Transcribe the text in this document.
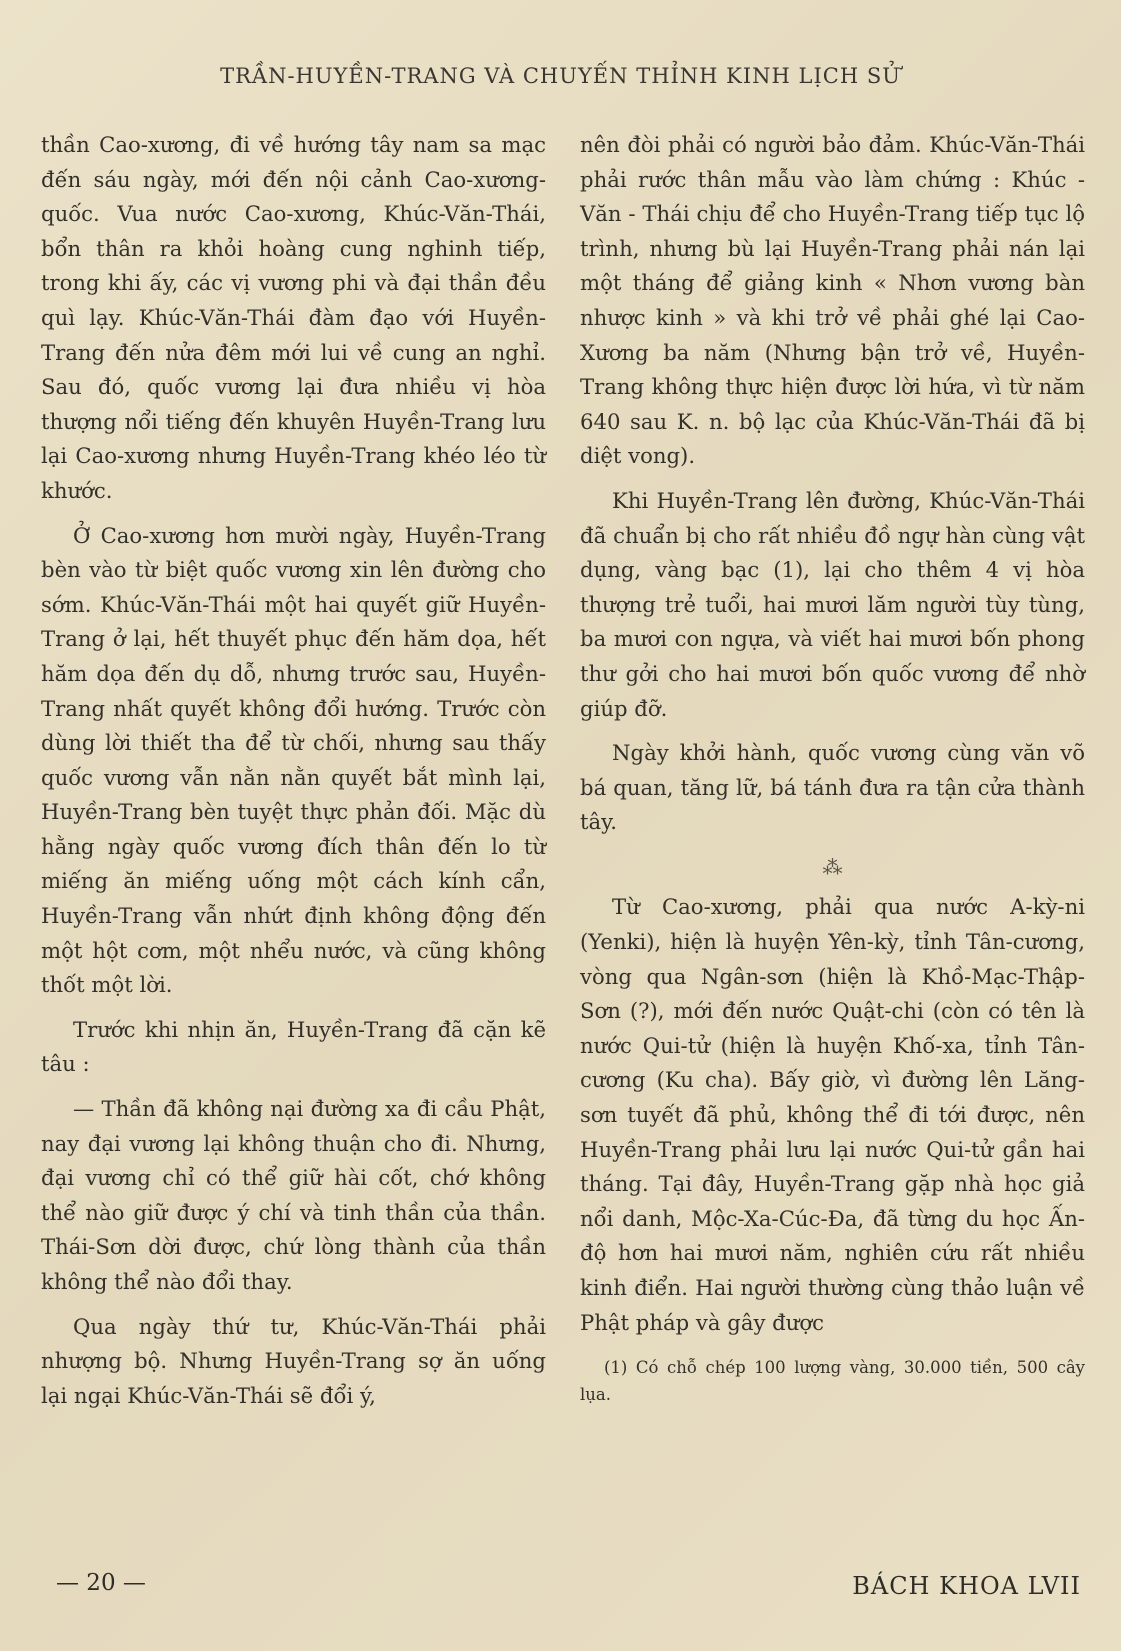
TRẦN-HUYỀN-TRANG VÀ CHUYẾN THỈNH KINH LỊCH SỬ

thần Cao-xương, đi về hướng tây nam sa mạc đến sáu ngày, mới đến nội cảnh Cao-xương-quốc. Vua nước Cao-xương, Khúc-Văn-Thái, bổn thân ra khỏi hoàng cung nghinh tiếp, trong khi ấy, các vị vương phi và đại thần đều quì lạy. Khúc-Văn-Thái đàm đạo với Huyền-Trang đến nửa đêm mới lui về cung an nghỉ. Sau đó, quốc vương lại đưa nhiều vị hòa thượng nổi tiếng đến khuyên Huyền-Trang lưu lại Cao-xương nhưng Huyền-Trang khéo léo từ khước.

Ở Cao-xương hơn mười ngày, Huyền-Trang bèn vào từ biệt quốc vương xin lên đường cho sớm. Khúc-Văn-Thái một hai quyết giữ Huyền-Trang ở lại, hết thuyết phục đến hăm dọa, hết hăm dọa đến dụ dỗ, nhưng trước sau, Huyền-Trang nhất quyết không đổi hướng. Trước còn dùng lời thiết tha để từ chối, nhưng sau thấy quốc vương vẫn nằn nằn quyết bắt mình lại, Huyền-Trang bèn tuyệt thực phản đối. Mặc dù hằng ngày quốc vương đích thân đến lo từ miếng ăn miếng uống một cách kính cẩn, Huyền-Trang vẫn nhứt định không động đến một hột cơm, một nhểu nước, và cũng không thốt một lời.

Trước khi nhịn ăn, Huyền-Trang đã cặn kẽ tâu :

— Thần đã không nại đường xa đi cầu Phật, nay đại vương lại không thuận cho đi. Nhưng, đại vương chỉ có thể giữ hài cốt, chớ không thể nào giữ được ý chí và tinh thần của thần. Thái-Sơn dời được, chứ lòng thành của thần không thể nào đổi thay.

Qua ngày thứ tư, Khúc-Văn-Thái phải nhượng bộ. Nhưng Huyền-Trang sợ ăn uống lại ngại Khúc-Văn-Thái sẽ đổi ý,

nên đòi phải có người bảo đảm. Khúc-Văn-Thái phải rước thân mẫu vào làm chứng : Khúc - Văn - Thái chịu để cho Huyền-Trang tiếp tục lộ trình, nhưng bù lại Huyền-Trang phải nán lại một tháng để giảng kinh « Nhơn vương bàn nhược kinh » và khi trở về phải ghé lại Cao-Xương ba năm (Nhưng bận trở về, Huyền-Trang không thực hiện được lời hứa, vì từ năm 640 sau K. n. bộ lạc của Khúc-Văn-Thái đã bị diệt vong).

Khi Huyền-Trang lên đường, Khúc-Văn-Thái đã chuẩn bị cho rất nhiều đồ ngự hàn cùng vật dụng, vàng bạc (1), lại cho thêm 4 vị hòa thượng trẻ tuổi, hai mươi lăm người tùy tùng, ba mươi con ngựa, và viết hai mươi bốn phong thư gởi cho hai mươi bốn quốc vương để nhờ giúp đỡ.

Ngày khởi hành, quốc vương cùng văn võ bá quan, tăng lữ, bá tánh đưa ra tận cửa thành tây.

⁂

Từ Cao-xương, phải qua nước A-kỳ-ni (Yenki), hiện là huyện Yên-kỳ, tỉnh Tân-cương, vòng qua Ngân-sơn (hiện là Khồ-Mạc-Thập-Sơn (?), mới đến nước Quật-chi (còn có tên là nước Qui-tử (hiện là huyện Khố-xa, tỉnh Tân-cương (Ku cha). Bấy giờ, vì đường lên Lăng-sơn tuyết đã phủ, không thể đi tới được, nên Huyền-Trang phải lưu lại nước Qui-tử gần hai tháng. Tại đây, Huyền-Trang gặp nhà học giả nổi danh, Mộc-Xa-Cúc-Đa, đã từng du học Ấn-độ hơn hai mươi năm, nghiên cứu rất nhiều kinh điển. Hai người thường cùng thảo luận về Phật pháp và gây được

(1) Có chỗ chép 100 lượng vàng, 30.000 tiền, 500 cây lụa.
— 20 —	BÁCH KHOA LVII
